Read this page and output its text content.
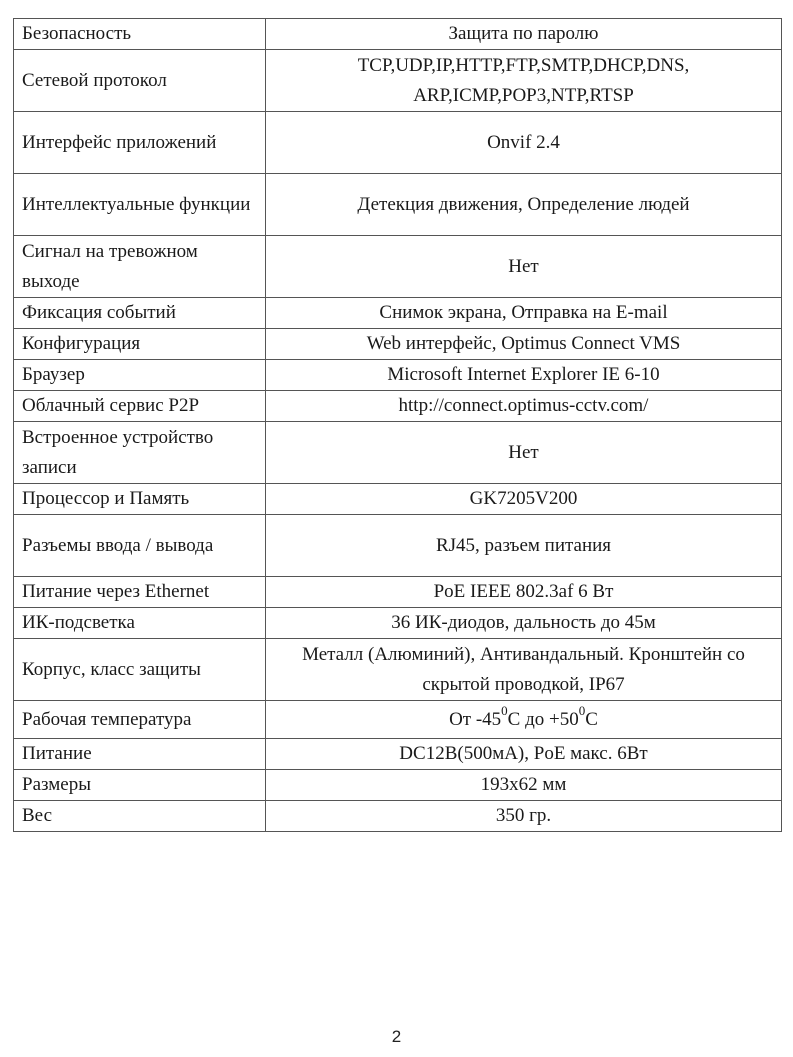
Безопасность	Защита по паролю
Сетевой протокол	TCP,UDP,IP,HTTP,FTP,SMTP,DHCP,DNS, ARP,ICMP,POP3,NTP,RTSP
Интерфейс приложений	Onvif 2.4
Интеллектуальные функции	Детекция движения, Определение людей
Сигнал на тревожном выходе	Нет
Фиксация событий	Снимок экрана, Отправка на E-mail
Конфигурация	Web интерфейс, Optimus Connect VMS
Браузер	Microsoft Internet Explorer IE 6-10
Облачный сервис P2P	http://connect.optimus-cctv.com/
Встроенное устройство записи	Нет
Процессор и Память	GK7205V200
Разъемы ввода / вывода	RJ45, разъем питания
Питание через Ethernet	PoE IEEE 802.3af 6 Вт
ИК-подсветка	36 ИК-диодов, дальность до 45м
Корпус, класс защиты	Металл (Алюминий), Антивандальный. Кронштейн со скрытой проводкой, IP67
Рабочая температура	От $-45^0С$ до $+50^0С$
Питание	DC12В(500мА), PoE макс. 6Вт
Размеры	193х62 мм
Вес	350 гр.
2
